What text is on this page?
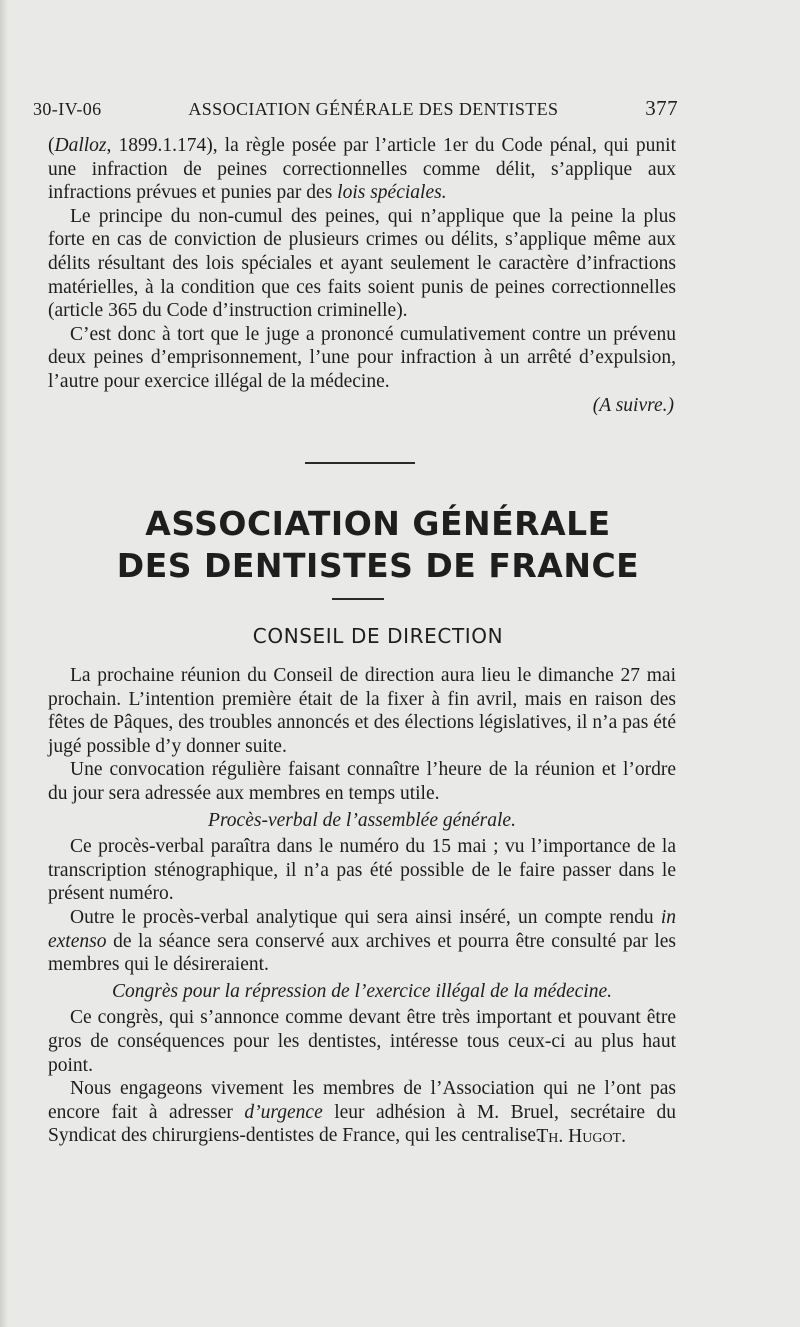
30-IV-06	ASSOCIATION GÉNÉRALE DES DENTISTES	377

(Dalloz, 1899.1.174), la règle posée par l’article 1er du Code pénal, qui punit une infraction de peines correctionnelles comme délit, s’applique aux infractions prévues et punies par des lois spéciales.

Le principe du non-cumul des peines, qui n’applique que la peine la plus forte en cas de conviction de plusieurs crimes ou délits, s’applique même aux délits résultant des lois spéciales et ayant seulement le caractère d’infractions matérielles, à la condition que ces faits soient punis de peines correctionnelles (article 365 du Code d’instruction criminelle).

C’est donc à tort que le juge a prononcé cumulativement contre un prévenu deux peines d’emprisonnement, l’une pour infraction à un arrêté d’expulsion, l’autre pour exercice illégal de la médecine.

(A suivre.)
ASSOCIATION GÉNÉRALE
DES DENTISTES DE FRANCE
CONSEIL DE DIRECTION

La prochaine réunion du Conseil de direction aura lieu le dimanche 27 mai prochain. L’intention première était de la fixer à fin avril, mais en raison des fêtes de Pâques, des troubles annoncés et des élections législatives, il n’a pas été jugé possible d’y donner suite.

Une convocation régulière faisant connaître l’heure de la réunion et l’ordre du jour sera adressée aux membres en temps utile.

Procès-verbal de l’assemblée générale.

Ce procès-verbal paraîtra dans le numéro du 15 mai ; vu l’importance de la transcription sténographique, il n’a pas été possible de le faire passer dans le présent numéro.

Outre le procès-verbal analytique qui sera ainsi inséré, un compte rendu in extenso de la séance sera conservé aux archives et pourra être consulté par les membres qui le désireraient.

Congrès pour la répression de l’exercice illégal de la médecine.

Ce congrès, qui s’annonce comme devant être très important et pouvant être gros de conséquences pour les dentistes, intéresse tous ceux-ci au plus haut point.

Nous engageons vivement les membres de l’Association qui ne l’ont pas encore fait à adresser d’urgence leur adhésion à M. Bruel, secrétaire du Syndicat des chirurgiens-dentistes de France, qui les centralise.

Th. Hugot.
